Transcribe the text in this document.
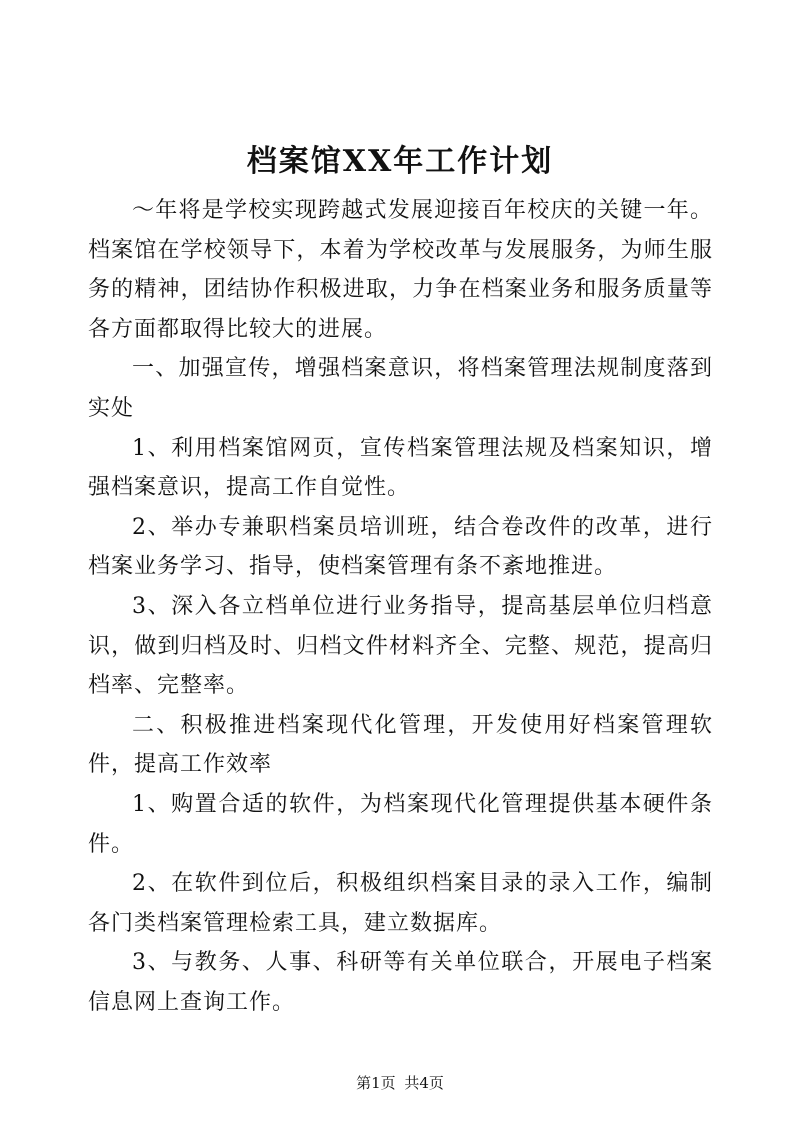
档案馆XX年工作计划

～年将是学校实现跨越式发展迎接百年校庆的关键一年。档案馆在学校领导下，本着为学校改革与发展服务，为师生服务的精神，团结协作积极进取，力争在档案业务和服务质量等各方面都取得比较大的进展。

一、加强宣传，增强档案意识，将档案管理法规制度落到实处

1、利用档案馆网页，宣传档案管理法规及档案知识，增强档案意识，提高工作自觉性。

2、举办专兼职档案员培训班，结合卷改件的改革，进行档案业务学习、指导，使档案管理有条不紊地推进。

3、深入各立档单位进行业务指导，提高基层单位归档意识，做到归档及时、归档文件材料齐全、完整、规范，提高归档率、完整率。

二、积极推进档案现代化管理，开发使用好档案管理软件，提高工作效率

1、购置合适的软件，为档案现代化管理提供基本硬件条件。

2、在软件到位后，积极组织档案目录的录入工作，编制各门类档案管理检索工具，建立数据库。

3、与教务、人事、科研等有关单位联合，开展电子档案信息网上查询工作。

第1页 共4页
